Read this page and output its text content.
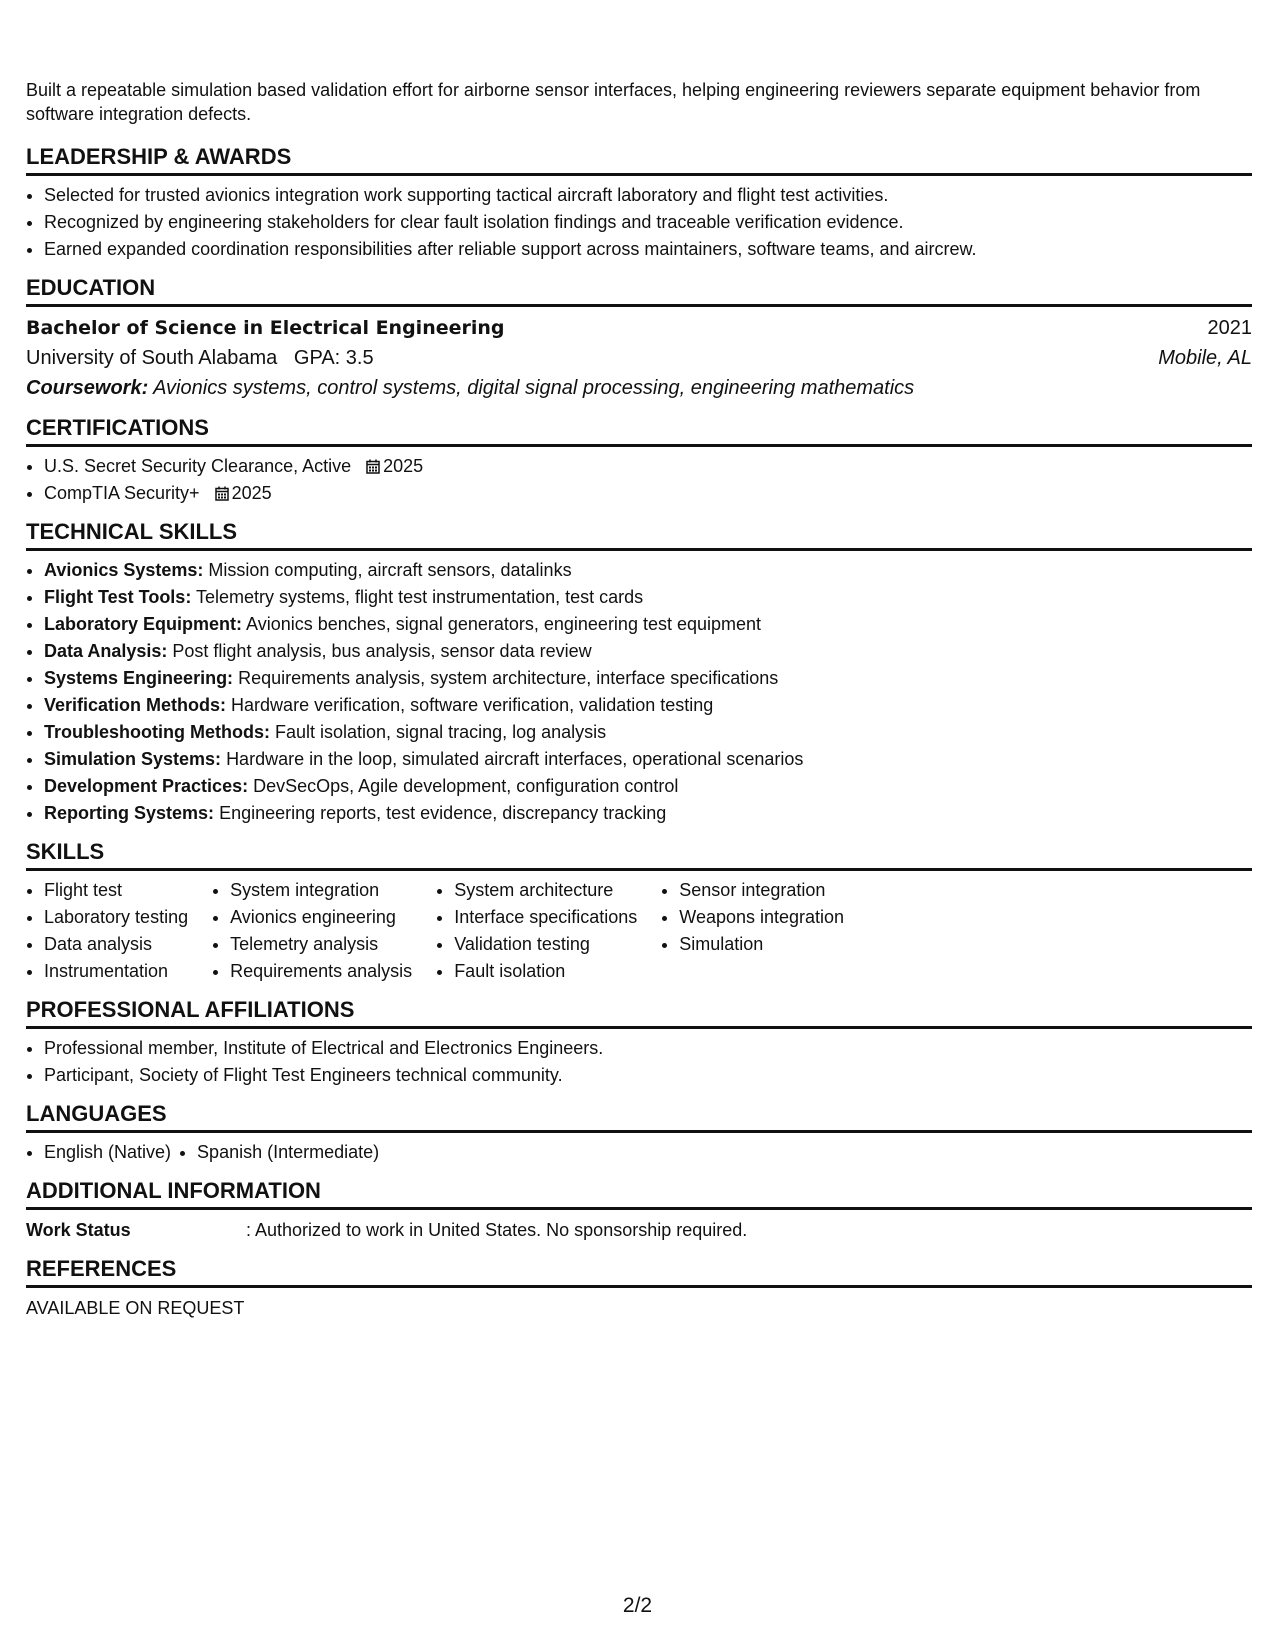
Built a repeatable simulation based validation effort for airborne sensor interfaces, helping engineering reviewers separate equipment behavior from software integration defects.

LEADERSHIP & AWARDS
• Selected for trusted avionics integration work supporting tactical aircraft laboratory and flight test activities.
• Recognized by engineering stakeholders for clear fault isolation findings and traceable verification evidence.
• Earned expanded coordination responsibilities after reliable support across maintainers, software teams, and aircrew.
EDUCATION
Bachelor of Science in Electrical Engineering	2021
University of South Alabama GPA: 3.5	Mobile, AL
Coursework: Avionics systems, control systems, digital signal processing, engineering mathematics
CERTIFICATIONS
• U.S. Secret Security Clearance, Active 2025
• CompTIA Security+ 2025
TECHNICAL SKILLS
• Avionics Systems: Mission computing, aircraft sensors, datalinks
• Flight Test Tools: Telemetry systems, flight test instrumentation, test cards
• Laboratory Equipment: Avionics benches, signal generators, engineering test equipment
• Data Analysis: Post flight analysis, bus analysis, sensor data review
• Systems Engineering: Requirements analysis, system architecture, interface specifications
• Verification Methods: Hardware verification, software verification, validation testing
• Troubleshooting Methods: Fault isolation, signal tracing, log analysis
• Simulation Systems: Hardware in the loop, simulated aircraft interfaces, operational scenarios
• Development Practices: DevSecOps, Agile development, configuration control
• Reporting Systems: Engineering reports, test evidence, discrepancy tracking
SKILLS
• Flight test
• Laboratory testing
• Data analysis
• Instrumentation
• System integration
• Avionics engineering
• Telemetry analysis
• Requirements analysis
• System architecture
• Interface specifications
• Validation testing
• Fault isolation
• Sensor integration
• Weapons integration
• Simulation
PROFESSIONAL AFFILIATIONS
• Professional member, Institute of Electrical and Electronics Engineers.
• Participant, Society of Flight Test Engineers technical community.
LANGUAGES
• English (Native)
• Spanish (Intermediate)
ADDITIONAL INFORMATION
Work Status	: Authorized to work in United States. No sponsorship required.
REFERENCES
AVAILABLE ON REQUEST
2/2
